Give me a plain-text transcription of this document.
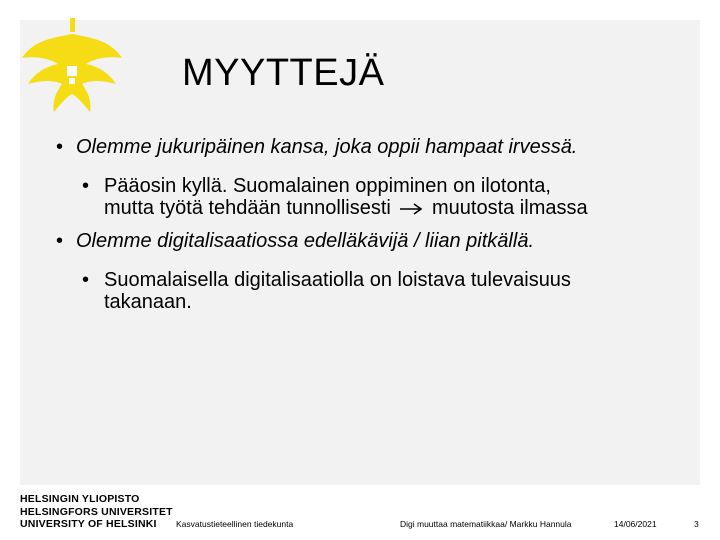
MYYTTEJÄ
• Olemme jukuripäinen kansa, joka oppii hampaat irvessä.
• Pääosin kyllä. Suomalainen oppiminen on ilotonta,
mutta työtä tehdään tunnollisesti muutosta ilmassa
• Olemme digitalisaatiossa edelläkävijä / liian pitkällä.
• Suomalaisella digitalisaatiolla on loistava tulevaisuus
takanaan.
HELSINGIN YLIOPISTO
HELSINGFORS UNIVERSITET
UNIVERSITY OF HELSINKI	Kasvatustieteellinen tiedekunta	Digi muuttaa matematiikkaa/ Markku Hannula	14/06/2021	3
